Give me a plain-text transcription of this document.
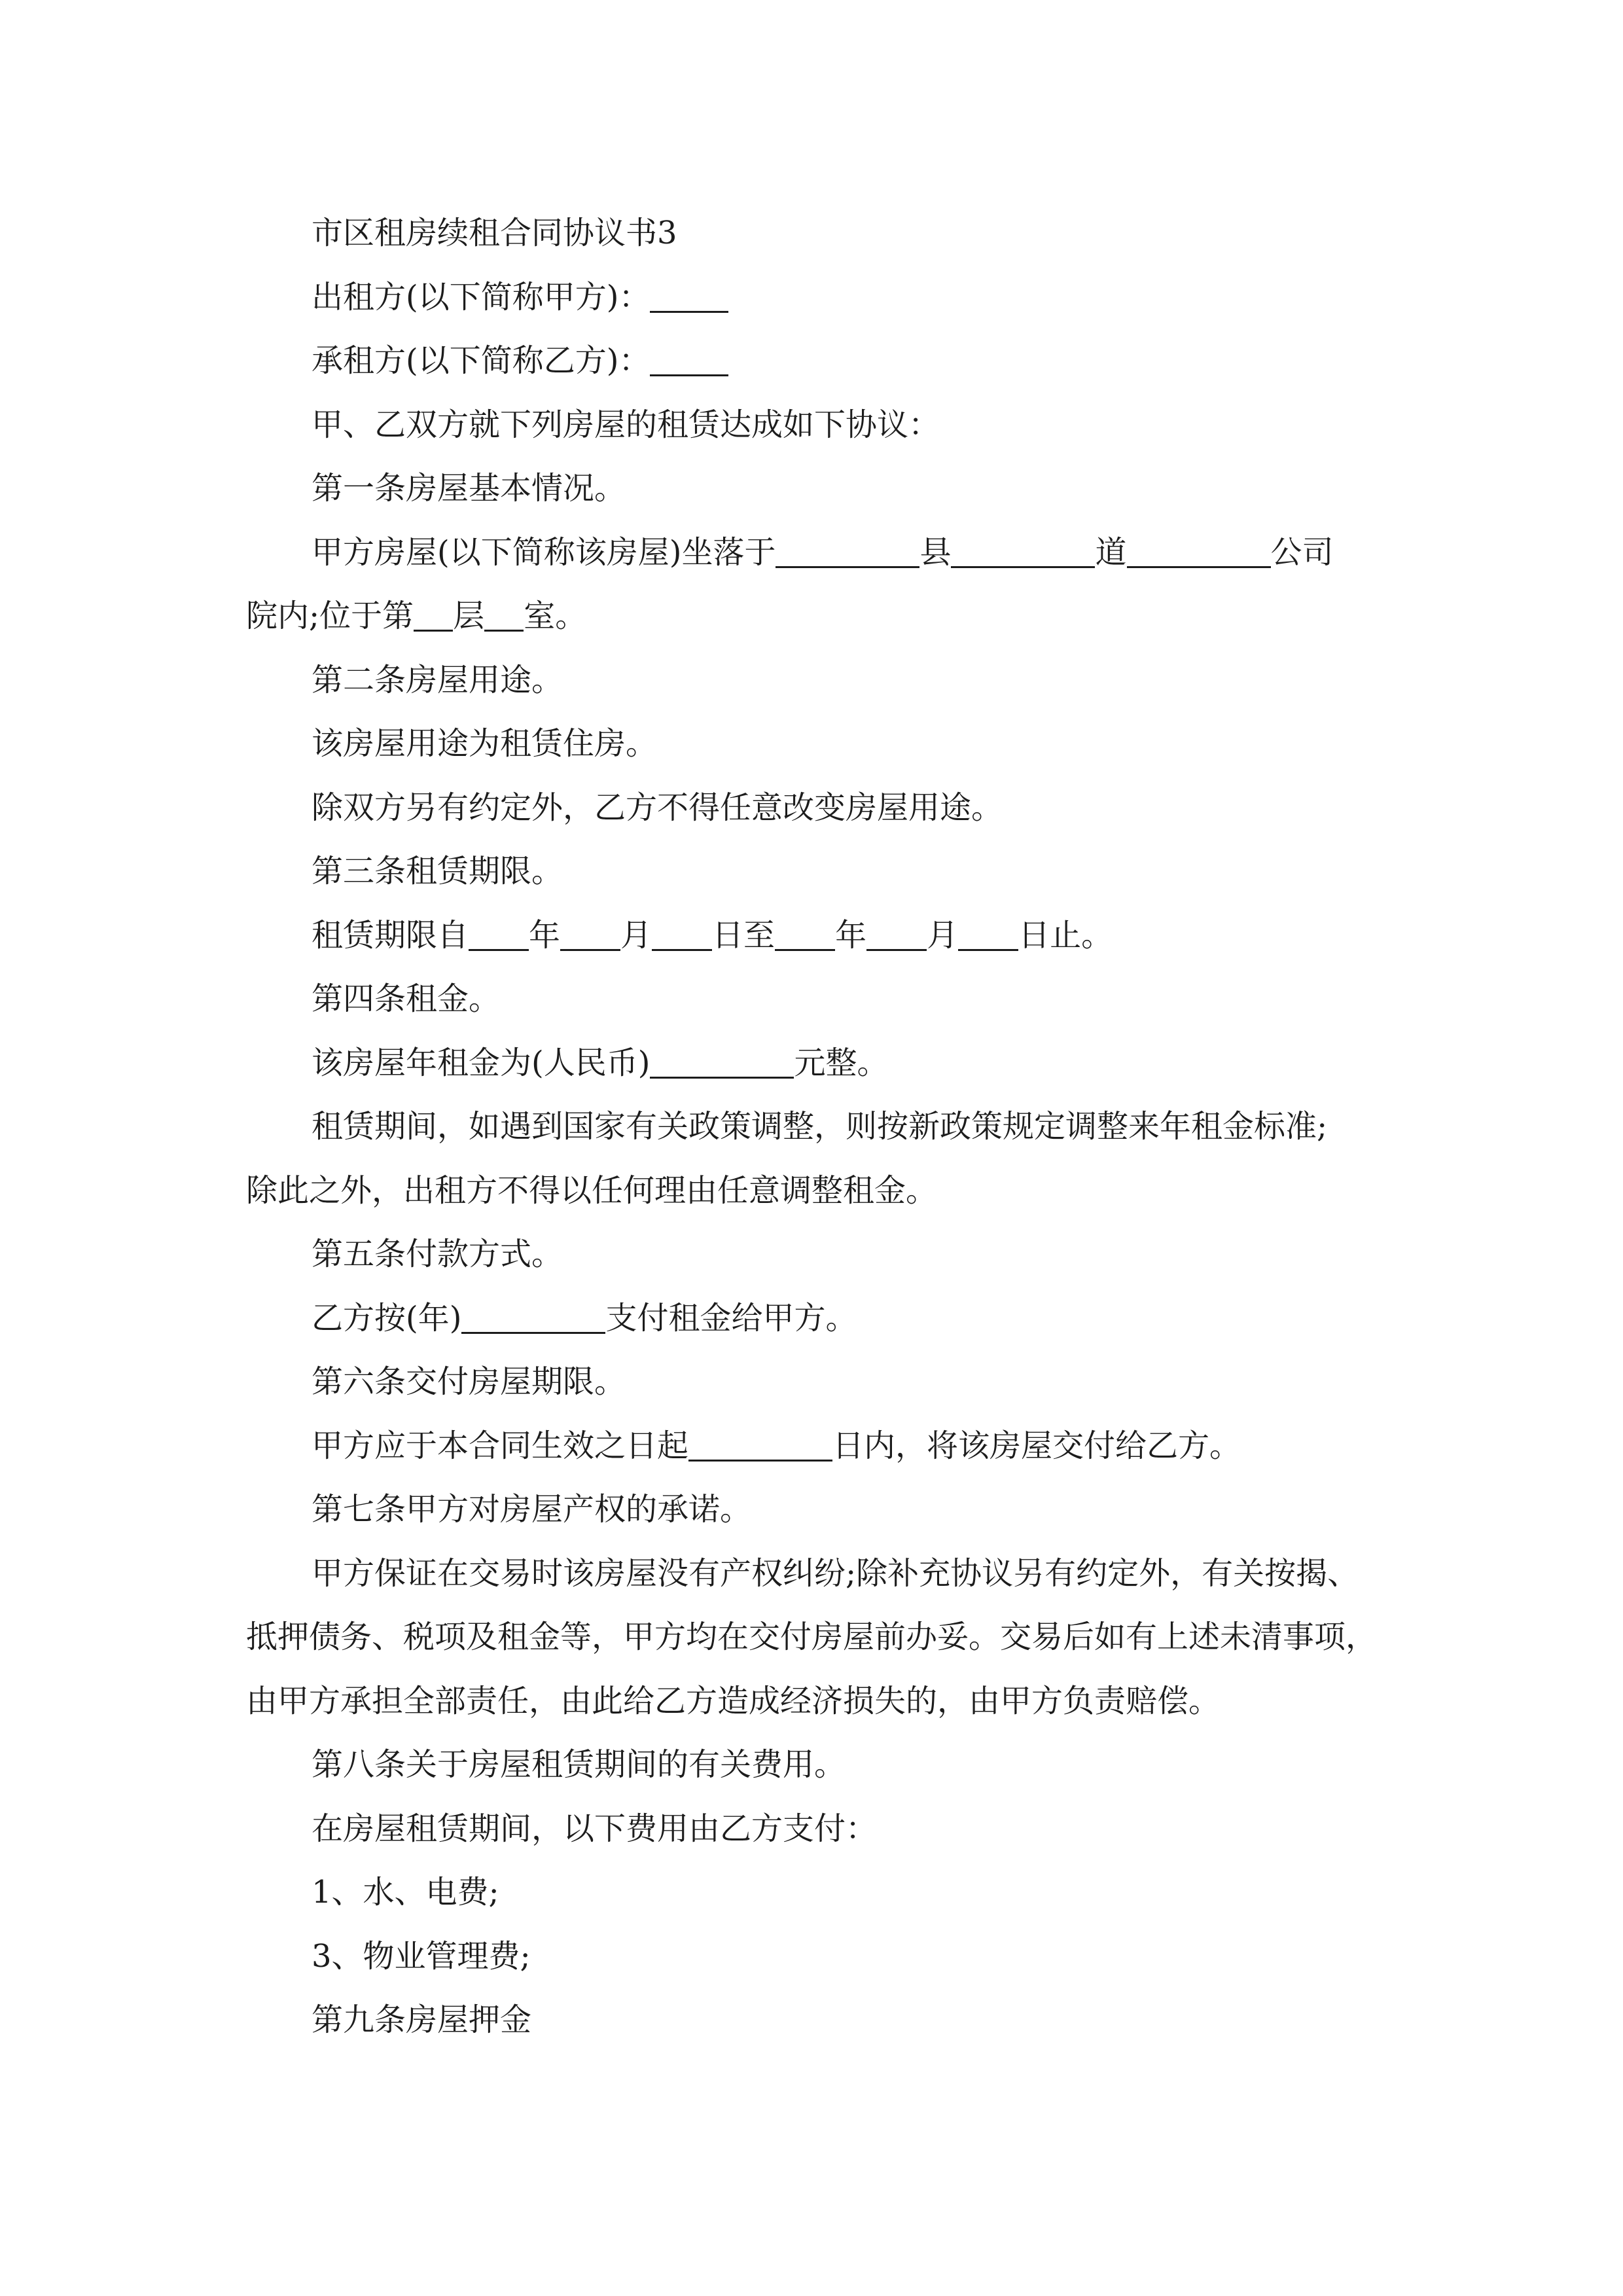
市区租房续租合同协议书3

出租方(以下简称甲方)：

承租方(以下简称乙方)：

甲、乙双方就下列房屋的租赁达成如下协议：

第一条房屋基本情况。

甲方房屋(以下简称该房屋)坐落于	县	道	公司

院内;位于第 层 室。

第二条房屋用途。

该房屋用途为租赁住房。

除双方另有约定外，乙方不得任意改变房屋用途。

第三条租赁期限。

租赁期限自 年 月 日至 年 月 日止。

第四条租金。

该房屋年租金为(人民币)	元整。

租赁期间，如遇到国家有关政策调整，则按新政策规定调整来年租金标准;

除此之外，出租方不得以任何理由任意调整租金。

第五条付款方式。

乙方按(年)	支付租金给甲方。

第六条交付房屋期限。

甲方应于本合同生效之日起	日内，将该房屋交付给乙方。

第七条甲方对房屋产权的承诺。

甲方保证在交易时该房屋没有产权纠纷;除补充协议另有约定外，有关按揭、

抵押债务、税项及租金等，甲方均在交付房屋前办妥。交易后如有上述未清事项，

由甲方承担全部责任，由此给乙方造成经济损失的，由甲方负责赔偿。

第八条关于房屋租赁期间的有关费用。

在房屋租赁期间，以下费用由乙方支付：

1、水、电费;

3、物业管理费;

第九条房屋押金
